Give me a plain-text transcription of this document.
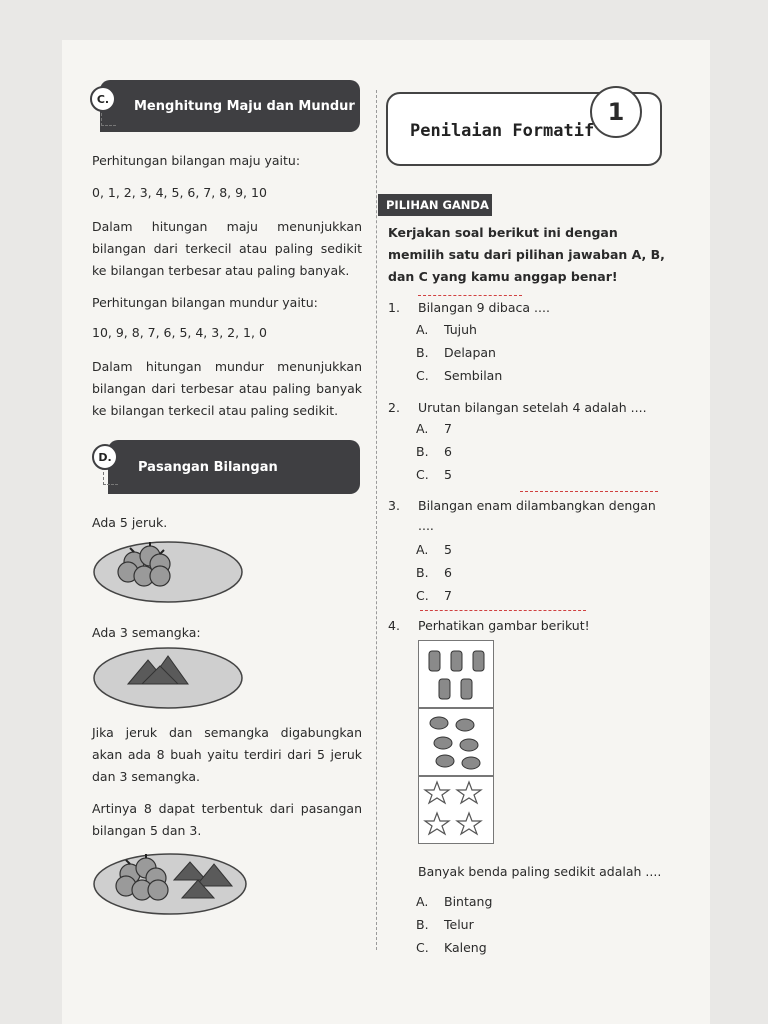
Menghitung Maju dan Mundur
C.

Perhitungan bilangan maju yaitu:

0, 1, 2, 3, 4, 5, 6, 7, 8, 9, 10

Dalam hitungan maju menunjukkan bilangan dari terkecil atau paling sedikit ke bilangan terbesar atau paling banyak.

Perhitungan bilangan mundur yaitu:

10, 9, 8, 7, 6, 5, 4, 3, 2, 1, 0

Dalam hitungan mundur menunjukkan bilangan dari terbesar atau paling banyak ke bilangan terkecil atau paling sedikit.

Pasangan Bilangan
D.

Ada 5 jeruk.

Ada 3 semangka:

Jika jeruk dan semangka digabungkan akan ada 8 buah yaitu terdiri dari 5 jeruk dan 3 semangka.

Artinya 8 dapat terbentuk dari pasangan bilangan 5 dan 3.

Penilaian Formatif
1
PILIHAN GANDA

Kerjakan soal berikut ini dengan memilih satu dari pilihan jawaban A, B, dan C yang kamu anggap benar!

1. Bilangan 9 dibaca ....
A. Tujuh
B. Delapan
C. Sembilan
2. Urutan bilangan setelah 4 adalah ....
A. 7
B. 6
C. 5
3. Bilangan enam dilambangkan dengan ....
A. 5
B. 6
C. 7
4. Perhatikan gambar berikut!
Banyak benda paling sedikit adalah ....
A. Bintang
B. Telur
C. Kaleng
